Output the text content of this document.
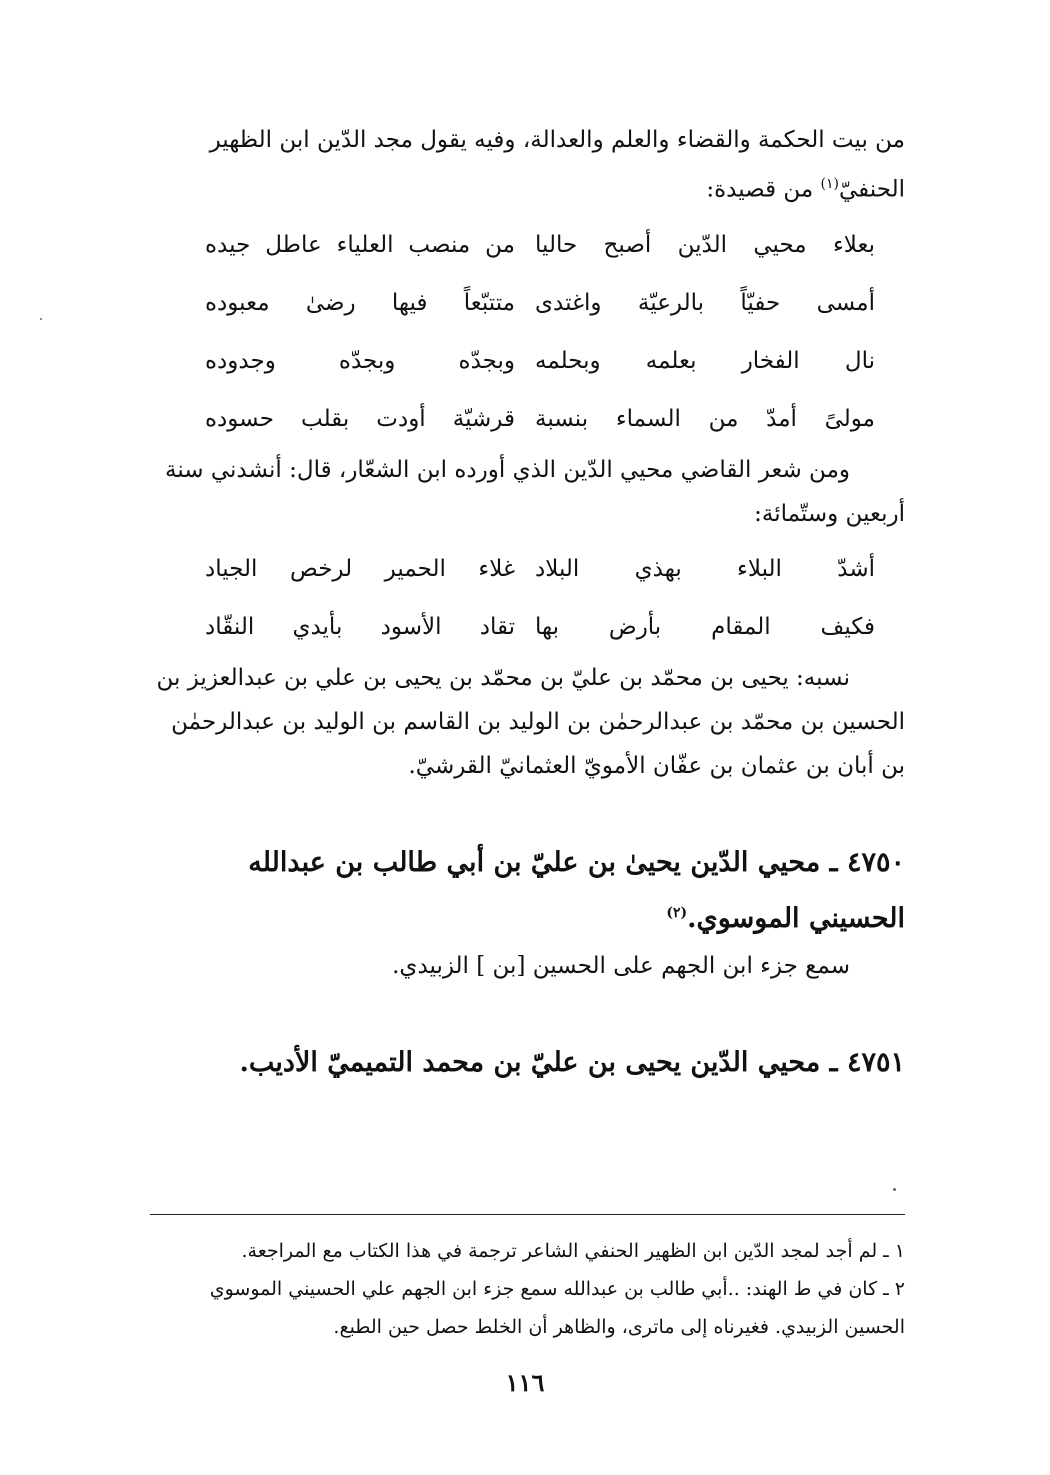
من بيت الحكمة والقضاء والعلم والعدالة، وفيه يقول مجد الدّين ابن الظهير
الحنفيّ$^{(١)}$ من قصيدة:

بعلاء محيي الدّين أصبح حاليا
من منصب العلياء عاطل جيده
أمسى حفيّاً بالرعيّة واغتدى
متتبّعاً فيها رضىٰ معبوده
نال الفخار بعلمه وبحلمه
وبجدّه وبجدّه وجدوده
مولىً أمدّ من السماء بنسبة
قرشيّة أودت بقلب حسوده

ومن شعر القاضي محيي الدّين الذي أورده ابن الشعّار، قال: أنشدني سنة أربعين وستّمائة:

أشدّ البلاء بهذي البلاد
غلاء الحمير لرخص الجياد
فكيف المقام بأرض بها
تقاد الأسود بأيدي النقّاد

نسبه: يحيى بن محمّد بن عليّ بن محمّد بن يحيى بن علي بن عبدالعزيز بن الحسين بن محمّد بن عبدالرحمٰن بن الوليد بن القاسم بن الوليد بن عبدالرحمٰن بن أبان بن عثمان بن عفّان الأمويّ العثمانيّ القرشيّ.

٤٧٥٠ ـ محيي الدّين يحيىٰ بن عليّ بن أبي طالب بن عبدالله الحسيني الموسوي.$^{(٢)}$

سمع جزء ابن الجهم على الحسين [بن ] الزبيدي.

٤٧٥١ ـ محيي الدّين يحيى بن عليّ بن محمد التميميّ الأديب.

١ ـ لم أجد لمجد الدّين ابن الظهير الحنفي الشاعر ترجمة في هذا الكتاب مع المراجعة.
٢ ـ كان في ط الهند: ..أبي طالب بن عبدالله سمع جزء ابن الجهم علي الحسيني الموسوي الحسين الزبيدي. فغيرناه إلى ماترى، والظاهر أن الخلط حصل حين الطبع.
١١٦
